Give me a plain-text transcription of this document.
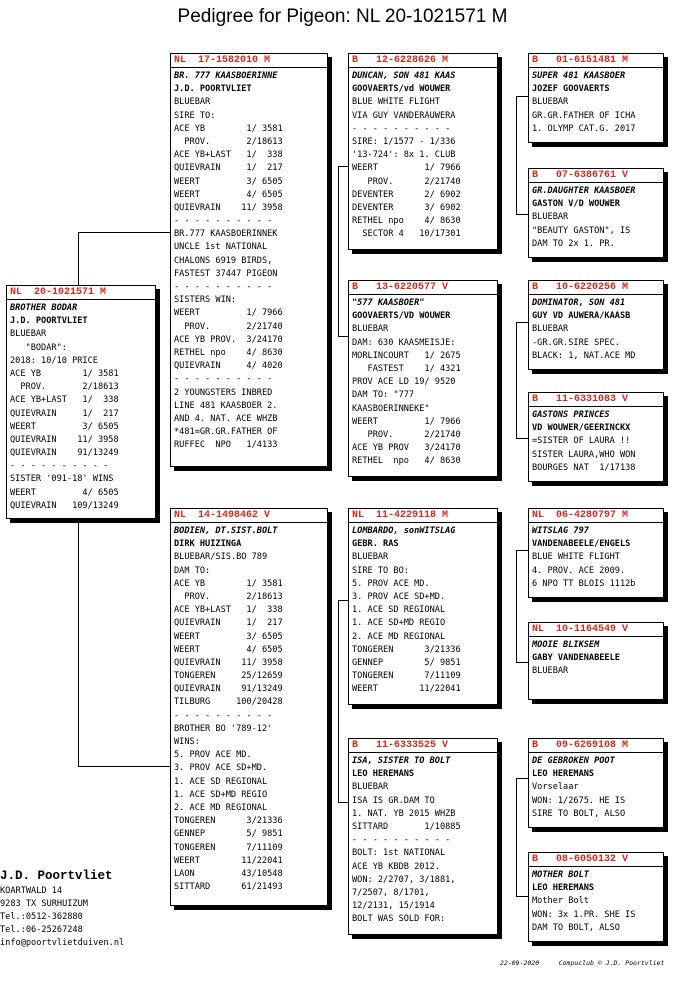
Pedigree for Pigeon: NL 20-1021571 M
NL  20-1021571 M
BROTHER BODAR
J.D. POORTVLIET
BLUEBAR
"BODAR":
2018: 10/10 PRICE
ACE YB        1/ 3581
PROV.       2/18613
ACE YB+LAST   1/  338
QUIEVRAIN     1/  217
WEERT         3/ 6505
QUIEVRAIN    11/ 3958
QUIEVRAIN    91/13249
- - - - - - - - - -
SISTER '091-18' WINS
WEERT         4/ 6505
QUIEVRAIN   109/13249
NL  17-1582010 M
BR. 777 KAASBOERINNE
J.D. POORTVLIET
BLUEBAR
SIRE TO:
ACE YB        1/ 3581
PROV.       2/18613
ACE YB+LAST   1/  338
QUIEVRAIN     1/  217
WEERT         3/ 6505
WEERT         4/ 6505
QUIEVRAIN    11/ 3958
- - - - - - - - - -
BR.777 KAASBOERINNEK
UNCLE 1st NATIONAL
CHALONS 6919 BIRDS,
FASTEST 37447 PIGEON
- - - - - - - - - -
SISTERS WIN:
WEERT         1/ 7966
PROV.       2/21740
ACE YB PROV.  3/24170
RETHEL npo    4/ 8630
QUIEVRAIN     4/ 4020
- - - - - - - - - -
2 YOUNGSTERS INBRED
LINE 481 KAASBOER 2.
AND 4. NAT. ACE WHZB
*481=GR.GR.FATHER OF
RUFFEC  NPO   1/4133
NL  14-1498462 V
BODIEN, DT.SIST.BOLT
DIRK HUIZINGA
BLUEBAR/SIS.BO 789
DAM TO:
ACE YB        1/ 3581
PROV.       2/18613
ACE YB+LAST   1/  338
QUIEVRAIN     1/  217
WEERT         3/ 6505
WEERT         4/ 6505
QUIEVRAIN    11/ 3958
TONGEREN     25/12659
QUIEVRAIN    91/13249
TILBURG     100/20428
- - - - - - - - - -
BROTHER BO '789-12'
WINS:
5. PROV ACE MD.
3. PROV ACE SD+MD.
1. ACE SD REGIONAL
1. ACE SD+MD REGIO
2. ACE MD REGIONAL
TONGEREN      3/21336
GENNEP        5/ 9851
TONGEREN      7/11109
WEERT        11/22041
LAON         43/10548
SITTARD      61/21493
B   12-6228626 M
DUNCAN, SON 481 KAAS
GOOVAERTS/vd WOUWER
BLUE WHITE FLIGHT
VIA GUY VANDERAUWERA
- - - - - - - - - -
SIRE: 1/1577 - 1/336
'13-724': 8x 1. CLUB
WEERT         1/ 7966
PROV.      2/21740
DEVENTER      2/ 6902
DEVENTER      3/ 6902
RETHEL npo    4/ 8630
SECTOR 4   10/17301
B   13-6220577 V
"577 KAASBOER"
GOOVAERTS/VD WOUWER
BLUEBAR
DAM: 630 KAASMEISJE:
MORLINCOURT   1/ 2675
FASTEST    1/ 4321
PROV ACE LD 19/ 9520
DAM TO: "777
KAASBOERINNEKE"
WEERT         1/ 7966
PROV.      2/21740
ACE YB PROV   3/24170
RETHEL  npo   4/ 8630
NL  11-4229118 M
LOMBARDO, sonWITSLAG
GEBR. RAS
BLUEBAR
SIRE TO BO:
5. PROV ACE MD.
3. PROV ACE SD+MD.
1. ACE SD REGIONAL
1. ACE SD+MD REGIO
2. ACE MD REGIONAL
TONGEREN      3/21336
GENNEP        5/ 9851
TONGEREN      7/11109
WEERT        11/22041
B   11-6333525 V
ISA, SISTER TO BOLT
LEO HEREMANS
BLUEBAR
ISA IS GR.DAM TO
1. NAT. YB 2015 WHZB
SITTARD       1/10885
- - - - - - - - - -
BOLT: 1st NATIONAL
ACE YB KBDB 2012.
WON: 2/2707, 3/1881,
7/2507, 8/1701,
12/2131, 15/1914
BOLT WAS SOLD FOR:
B   01-6151481 M
SUPER 481 KAASBOER
JOZEF GOOVAERTS
BLUEBAR
GR.GR.FATHER OF ICHA
1. OLYMP CAT.G. 2017
B   07-6386761 V
GR.DAUGHTER KAASBOER
GASTON V/D WOUWER
BLUEBAR
"BEAUTY GASTON", IS
DAM TO 2x 1. PR.
B   10-6220256 M
DOMINATOR, SON 481
GUY VD AUWERA/KAASB
BLUEBAR
-GR.GR.SIRE SPEC.
BLACK: 1, NAT.ACE MD
B   11-6331083 V
GASTONS PRINCES
VD WOUWER/GEERINCKX
=SISTER OF LAURA !!
SISTER LAURA,WHO WON
BOURGES NAT  1/17138
NL  06-4280797 M
WITSLAG 797
VANDENABEELE/ENGELS
BLUE WHITE FLIGHT
4. PROV. ACE 2009.
6 NPO TT BLOIS 1112b
NL  10-1164549 V
MOOIE BLIKSEM
GABY VANDENABEELE
BLUEBAR
B   09-6269108 M
DE GEBROKEN POOT
LEO HEREMANS
Vorselaar
WON: 1/2675. HE IS
SIRE TO BOLT, ALSO
B   08-6050132 V
MOTHER BOLT
LEO HEREMANS
Mother Bolt
WON: 3x 1.PR. SHE IS
DAM TO BOLT, ALSO
J.D. Poortvliet
KOARTWALD 14
9283 TX SURHUIZUM
Tel.:0512-362880
Tel.:06-25267248
info@poortvlietduiven.nl
22-09-2020     Compuclub © J.D. Poortvliet
